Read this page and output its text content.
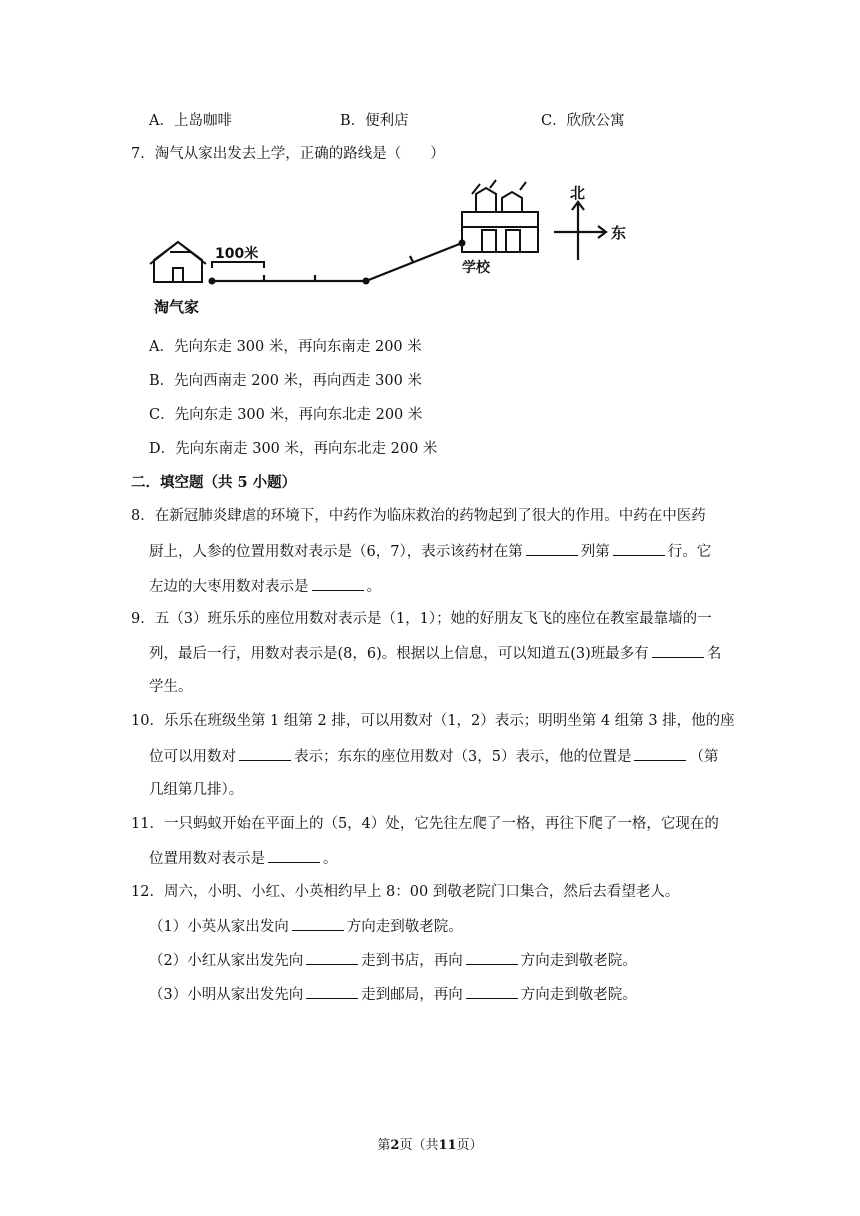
A．上岛咖啡	B．便利店	C．欣欣公寓
7．淘气从家出发去上学，正确的路线是（　　）
淘气家
100米
学校
北
东
A．先向东走 300 米，再向东南走 200 米
B．先向西南走 200 米，再向西走 300 米
C．先向东走 300 米，再向东北走 200 米
D．先向东南走 300 米，再向东北走 200 米
二．填空题（共 5 小题）
8．在新冠肺炎肆虐的环境下，中药作为临床救治的药物起到了很大的作用。中药在中医药
厨上，人参的位置用数对表示是（6，7），表示该药材在第	列第	行。它
左边的大枣用数对表示是	。
9．五（3）班乐乐的座位用数对表示是（1，1）；她的好朋友飞飞的座位在教室最靠墙的一
列，最后一行，用数对表示是(8，6)。根据以上信息，可以知道五(3)班最多有	名
学生。
10．乐乐在班级坐第 1 组第 2 排，可以用数对（1，2）表示；明明坐第 4 组第 3 排，他的座
位可以用数对	表示；东东的座位用数对（3，5）表示，他的位置是	（第
几组第几排）。
11．一只蚂蚁开始在平面上的（5，4）处，它先往左爬了一格，再往下爬了一格，它现在的
位置用数对表示是	。
12．周六，小明、小红、小英相约早上 8：00 到敬老院门口集合，然后去看望老人。
（1）小英从家出发向	方向走到敬老院。
（2）小红从家出发先向	走到书店，再向	方向走到敬老院。
（3）小明从家出发先向	走到邮局，再向	方向走到敬老院。
第2页（共11页）
